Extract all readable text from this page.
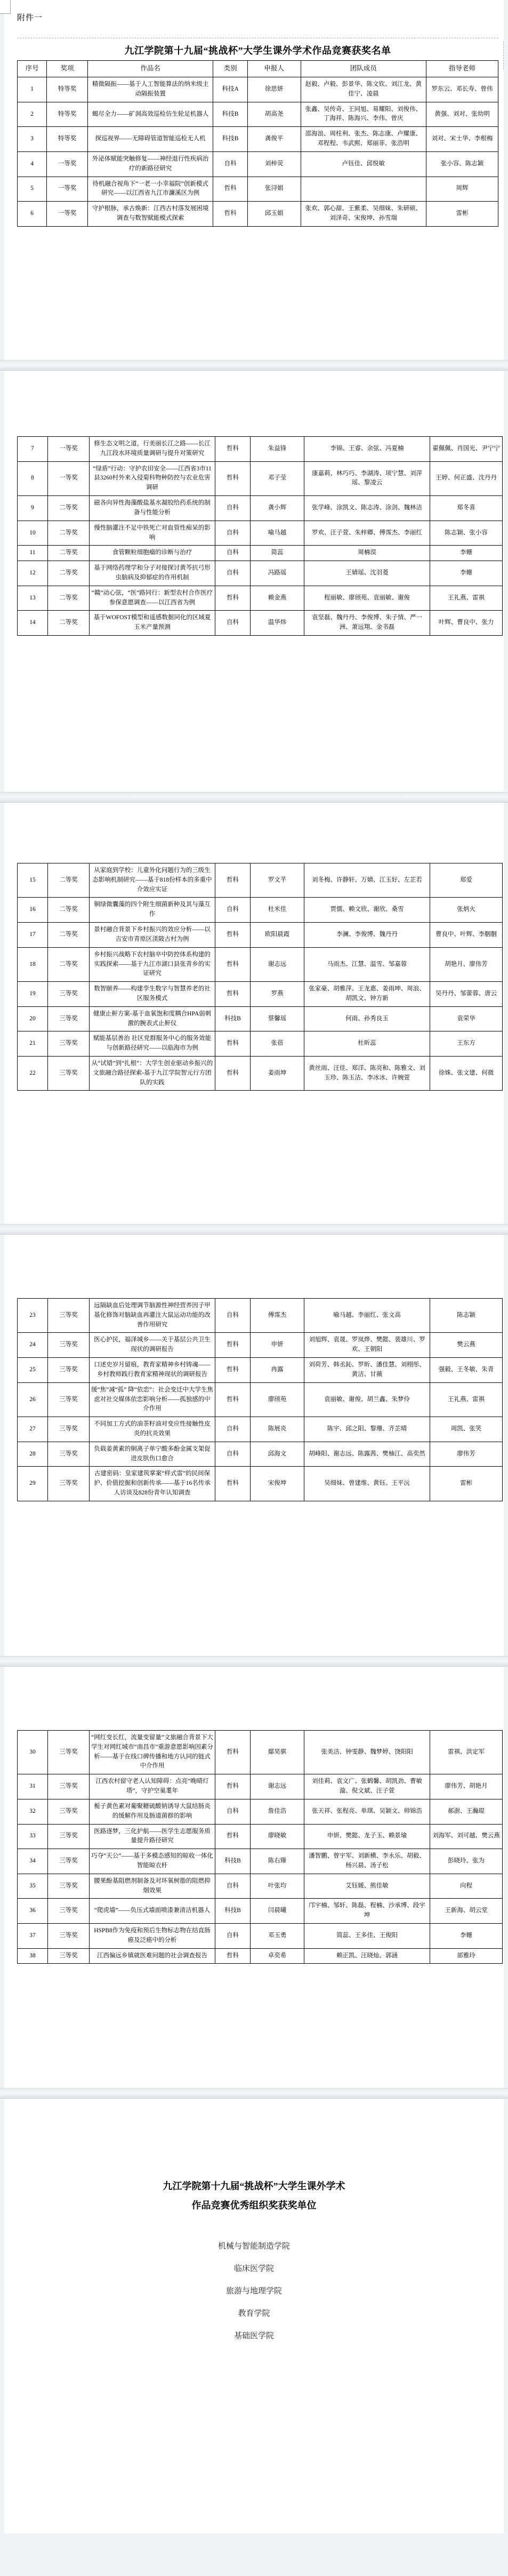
附件一
九江学院第十九届“挑战杯”大学生课外学术作品竞赛获奖名单
序号	奖项	作品名	类别	申报人	团队成员	指导老师
1	特等奖	精微隔振——基于人工智能算法的纳米级主动隔振装置	科技A	徐思妍	赵毅、卢毅、彭景华、陈文钦、刘江龙、黄佳宁、凌晨	罗东云、邓长寿、曾伟
2	特等奖	蝎尽全力——矿洞高效巡检仿生轮足机器人	科技B	胡高尧	张鑫、吴传奇、王同旭、易耀阳、刘俊伟、丁海祥、陈海兴、李伟、曾庆	黄强、刘对、张幼明
3	特等奖	探巡视界——无障碍管道智能巡检无人机	科技B	龚俊平	邵海浪、周柱利、张杰、陈志康、卢耀康、邓程程、韦武熙、郑丽菲、张浩明	刘对、宋士华、李根梅
4	一等奖	外泌体赋能突触修复——神经退行性疾病治疗的新路径研究	自科	刘梓荧	卢钰佳、邱悦敏	张小容、陈志颖
5	一等奖	待机融合视角下“一老一小幸福院”创新模式研究——以江西省九江市濂溪区为例	哲科	张浔娟		周辉
6	一等奖	守护根脉，承古焕新：江西古村落发展困境调查与数智赋能模式探索	哲科	邱玉娟	张欢、郭心甜、王紫柔、吴细妹、朱研硕、刘泽奇、宋俊坤、孙雪瑞	雷彬
7	一等奖	修生态文明之道，行美丽长江之路——长江九江段水环境质量调研与提升对策研究	哲科	朱益锋	李锦、王睿、余弦、冯夏楠	翟佩佩、肖国光、尹宁宁
8	一等奖	“绿盾”行动：守护农田安全——江西省3市11县3260村外来入侵菊科物种防控与农业危害调研	哲科	邓子莹	康嘉莉、林巧巧、李湖涛、项宁慧、刘萍瑶、黎凌云	王婷、何正盛、沈丹丹
9	二等奖	磁各向异性海藻酸盐基水凝胶给药系统的制备与性能分析	自科	龚小辉	张学峰、涂凯文、陈志涛、涂剑、魏林洁	郑冬喜
10	二等奖	慢性脑灌注不足中铁死亡对血管性痴呆的影响	自科	喻马越	罗欢、汪子萱、朱梓卿、傅霈杰、李丽红	陈志颖、张小容
11	二等奖	食管颗粒细胞瘤的诊断与治疗	自科	简蕊	周楠淏	李姗
12	二等奖	基于网络药理学和分子对接探讨黄芩抗弓形虫脑病及抑郁症的作用机制	自科	冯路瑶	王婧瑶、沈羽菱	李姗
13	二等奖	“赣”动心弦，“医”路同行：新型农村合作医疗参保意愿调查——以江西省为例	哲科	赖金燕	程丽敏、廖颀苑、袁丽敏、谢俊	王礼燕、雷祺
14	二等奖	基于WOFOST模型和遥感数据同化的区域夏玉米产量预测	自科	温华炜	袁坚磊、魏丹丹、李俊博、朱子情、严一洲、萧远翔、金书磊	叶辉、曹良中、张力
15	二等奖	从家庭到学校：儿童外化问题行为的三级生态影响机制研究——基于818份样本的多重中介效应实证	哲科	罗文芊	刘冬梅、许静轩、万婧、江玉好、左芷若	郑爱
16	二等奖	铜绿微囊藻的四个附生细菌新种及其与藻互作	自科	杜米佳	贾儒、赖文欣、谢欣、桑雪	张炳火
17	二等奖	景村融合背景下乡村振兴的效应分析——以吉安市青原区渼陂古村为例	哲科	欧阳晨霞	李澜、李俊博、魏丹丹	曹良中、叶辉、李胭胭
18	二等奖	乡村振兴战略下农村脑卒中防控体系构建的实践探索——基于九江市湖口县张青乡的实证研究	哲科	谢志远	马雨杰、江慧、温雪、邹嘉蓉	胡艳月、廖伟芳
19	三等奖	数智颐养——构建孪生数字与智慧养老的社区服务模式	哲科	罗燕	张家豪、胡雅萍、王龙惠、姜雨坤、周浪、胡凯文、钟方新	吴丹丹、邹蕾蓉、唐云
20	三等奖	健康止鼾方案-基于血氧饱和度耦合HPA弱刺激的腕表式止鼾仪	科技B	蔡馨瑶	何雨、孙秀良玉	袁荣华
21	三等奖	赋能基层善治 社区党群服务中心的服务效能与创新路径研究——以临海市为例	哲科	张蓓	杜昕蕊	王东方
22	三等奖	从“试错”到“扎根”：大学生创业驱动乡振兴的文旅融合路径探索-基于九江学院智元行方团队的实践	哲科	姜雨坤	黄丝雨、汪佳、郑洋、陈亮和、陈雅文、刘玉珍、陈玉洁、李冰冰、许婉萱	徐姝、张文建、何微
23	三等奖	远隔缺血后处理调节脑源性神经营养因子甲基化修饰对脑缺血再灌注大鼠运动功能的改善作用研究	自科	傅霈杰	喻马越、李丽红、张文高	陈志颖
24	三等奖	医心护民，福泽城乡——关于基层公共卫生现状的调研报告	哲科	申妍	刘旭辉、袁晟、罗岚烨、樊懿、裴雄川、罗欢、王朝阳	樊云燕
25	三等奖	口述史岁月留痕，教育家精神乡村铸魂——乡村教师践行教育家精神现状的调研报告	哲科	冉露	刘荷芳、韩丞鈊、罗昕、潘佳慧、刘栩彤、黄洁、甘薇	强毅、王冬敏、朱青
26	三等奖	缓“焦”减“孤” 降“依恋”：社会变迁中大学生焦虑对社交媒体依恋影响分析——孤独感的中介作用	哲科	廖颀苑	袁丽敏、谢俊、胡兰鑫、朱梦伶	王礼燕、雷祺
27	三等奖	不同加工方式的油茶籽油对变应性接触性皮炎的抗炎效果	自科	陈展炎	陈宇、邱之阳、黎珊、齐芷晴	周凯、张笑
28	三等奖	负载姜黄素的铜离子单宁酸多酚金属支架促进皮肤伤口愈合	自科	邱海文	胡峰阳、谢志远、陈露茜、樊柚江、高奕然	廖伟芳
29	三等奖	古建密码：皇家建筑掌案“样式雷”的民间保护、价值挖掘和创新传承——基于16名传承人访谈及828份青年认知调查	哲科	宋俊坤	吴细妹、曾建维、黄钰、王平沅	雷彬
30	三等奖	“网红变长红，流量变留量”文旅融合背景下大学生对网红城市“南昌市”重游意愿影响因素分析——基于在线口碑传播和地方认同的链式中介作用	哲科	鄢昊骐	张美洁、钟雯静、魏梦婷、饶阳阳	雷祺、洪定军
31	三等奖	江西农村留守老人认知障碍：点亮“晚晴灯塔”，守护空巢耄年	哲科	谢志远	刘佳莉、袁文广、张鹤馨、胡凯劲、曹敏漩、倪文斌、汪子萱	廖伟芳、胡艳月
32	三等奖	栀子黄色素对葡聚糖硫酸钠诱导大鼠结肠炎的缓解作用及肠道菌群的影响	自科	詹佳浩	张天祥、张程亮、单琪、吴颖文、帅锦浩	郝澍、王瀚琨
33	三等奖	医路逐梦，三化护航——医学生志愿服务质量提升路径研究	哲科	廖晓敏	申妍、樊懿、龙子玉、赖景瑜	刘海军、刘可越、樊云燕
34	三等奖	巧夺“天公”——基于多模态感知的晾收一体化智能晾衣杆	科技B	陈右臻	潘智鹏、曾宇军、刘新横、李永乐、胡毅、杨兴晨、汤子松	彭晓玲、张为
35	三等奖	腰果酚基阻燃剂制备及对环氧树脂的阻燃抑烟效果	自科	叶张均	艾钰媛、熊佳敏	向程
36	三等奖	“爬虎墙”——负压式墙面喷漆兼清洁机器人	科技B	闫晨曦	邝宇楠、邹轩、陈磊、程楠、沙承博、段宇坤	王新海、胡云堂
37	三等奖	HSPB8作为免疫和预后生物标志物在结直肠癌及泛癌中的分析	自科	邓玉勇	简蕊、王多佳、王俊阳	李姗
38	三等奖	江西偏远乡镇就医难问题的社会调查报告	哲科	卓奕希	赖正凯、汪晓灿、郭涵	部雅玲
九江学院第十九届“挑战杯”大学生课外学术
作品竞赛优秀组织奖获奖单位
机械与智能制造学院
临床医学院
旅游与地理学院
教育学院
基础医学院
